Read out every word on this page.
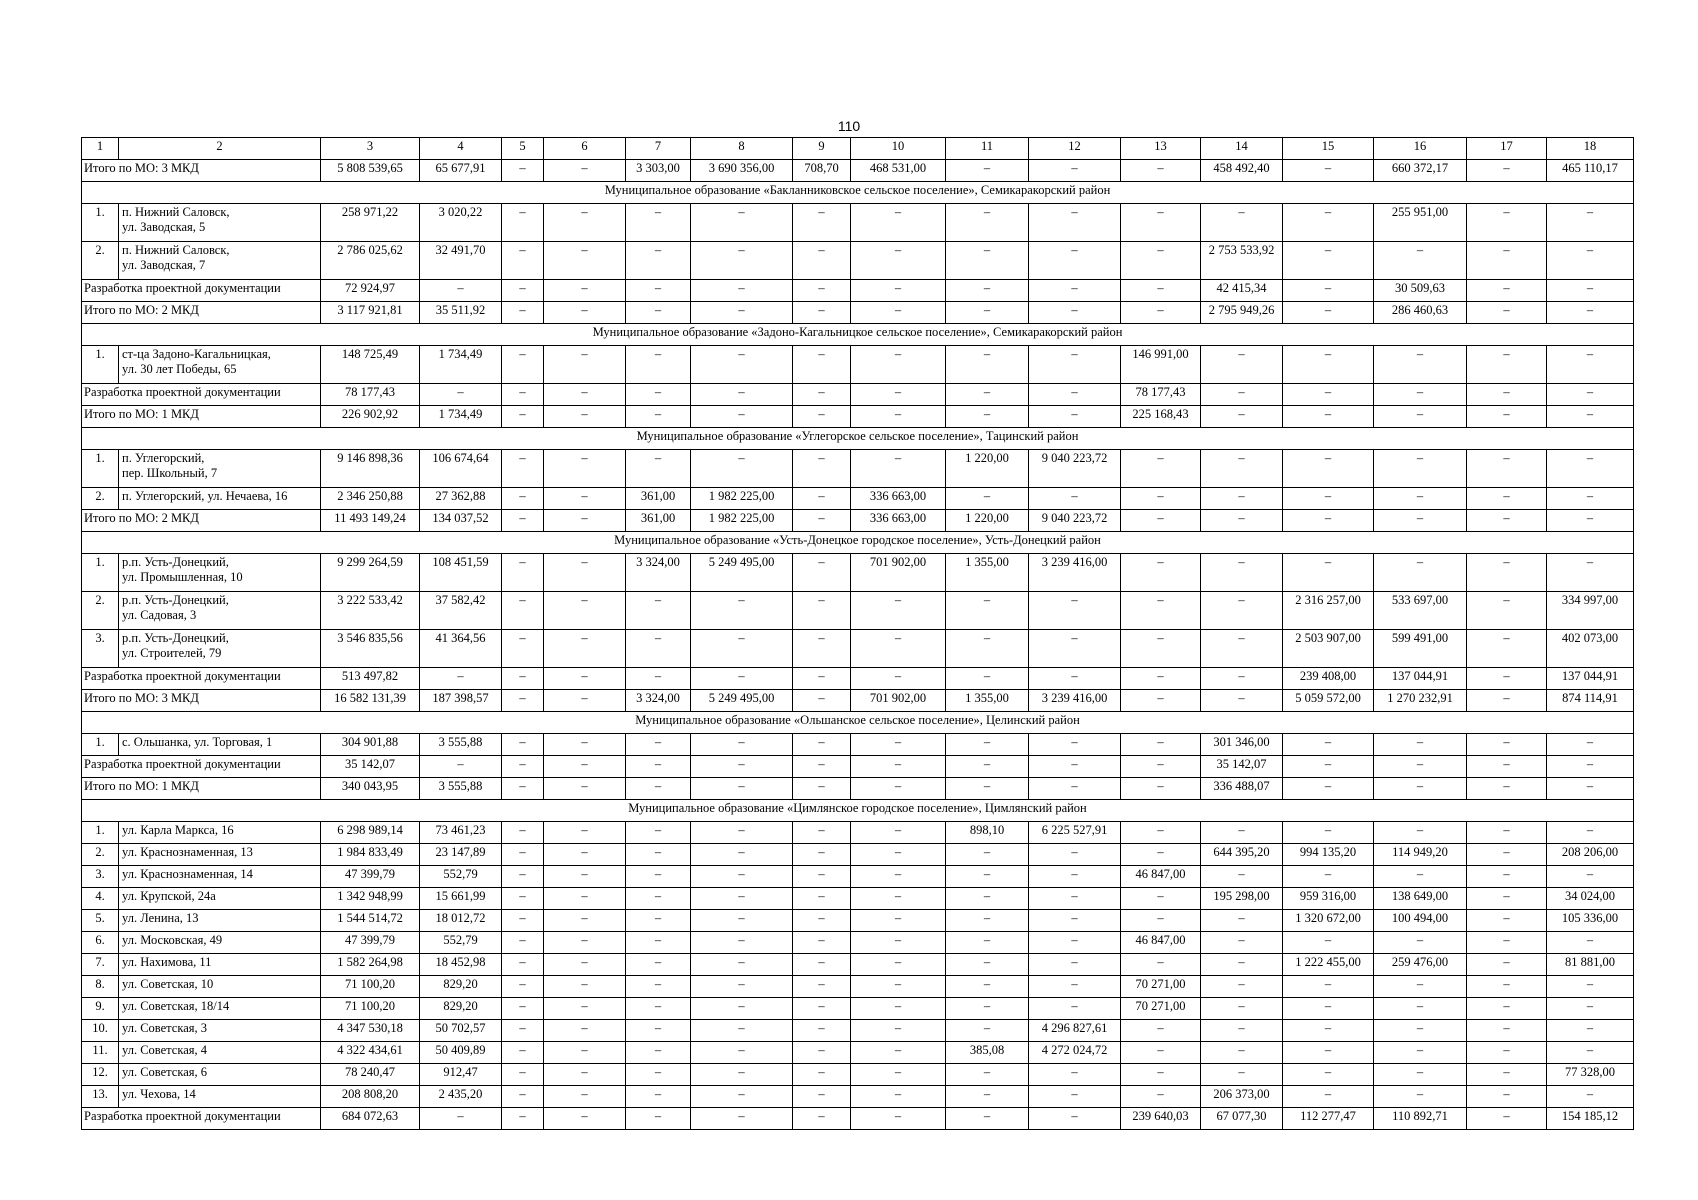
110
1	2	3	4	5	6	7	8	9	10	11	12	13	14	15	16	17	18
Итого по МО: 3 МКД		5 808 539,65	65 677,91	–	–	3 303,00	3 690 356,00	708,70	468 531,00	–	–	–	458 492,40	–	660 372,17	–	465 110,17
Муниципальное образование «Бакланниковское сельское поселение», Семикаракорский район																	
1.	п. Нижний Саловск,
ул. Заводская, 5	258 971,22	3 020,22	–	–	–	–	–	–	–	–	–	–	–	255 951,00	–	–
2.	п. Нижний Саловск,
ул. Заводская, 7	2 786 025,62	32 491,70	–	–	–	–	–	–	–	–	–	2 753 533,92	–	–	–	–
Разработка проектной документации		72 924,97	–	–	–	–	–	–	–	–	–	–	42 415,34	–	30 509,63	–	–
Итого по МО: 2 МКД		3 117 921,81	35 511,92	–	–	–	–	–	–	–	–	–	2 795 949,26	–	286 460,63	–	–
Муниципальное образование «Задоно-Кагальницкое сельское поселение», Семикаракорский район																	
1.	ст-ца Задоно-Кагальницкая,
ул. 30 лет Победы, 65	148 725,49	1 734,49	–	–	–	–	–	–	–	–	146 991,00	–	–	–	–	–
Разработка проектной документации		78 177,43	–	–	–	–	–	–	–	–	–	78 177,43	–	–	–	–	–
Итого по МО: 1 МКД		226 902,92	1 734,49	–	–	–	–	–	–	–	–	225 168,43	–	–	–	–	–
Муниципальное образование «Углегорское сельское поселение», Тацинский район																	
1.	п. Углегорский,
пер. Школьный, 7	9 146 898,36	106 674,64	–	–	–	–	–	–	1 220,00	9 040 223,72	–	–	–	–	–	–
2.	п. Углегорский, ул. Нечаева, 16	2 346 250,88	27 362,88	–	–	361,00	1 982 225,00	–	336 663,00	–	–	–	–	–	–	–	–
Итого по МО: 2 МКД		11 493 149,24	134 037,52	–	–	361,00	1 982 225,00	–	336 663,00	1 220,00	9 040 223,72	–	–	–	–	–	–
Муниципальное образование «Усть-Донецкое городское поселение», Усть-Донецкий район																	
1.	р.п. Усть-Донецкий,
ул. Промышленная, 10	9 299 264,59	108 451,59	–	–	3 324,00	5 249 495,00	–	701 902,00	1 355,00	3 239 416,00	–	–	–	–	–	–
2.	р.п. Усть-Донецкий,
ул. Садовая, 3	3 222 533,42	37 582,42	–	–	–	–	–	–	–	–	–	–	2 316 257,00	533 697,00	–	334 997,00
3.	р.п. Усть-Донецкий,
ул. Строителей, 79	3 546 835,56	41 364,56	–	–	–	–	–	–	–	–	–	–	2 503 907,00	599 491,00	–	402 073,00
Разработка проектной документации		513 497,82	–	–	–	–	–	–	–	–	–	–	–	239 408,00	137 044,91	–	137 044,91
Итого по МО: 3 МКД		16 582 131,39	187 398,57	–	–	3 324,00	5 249 495,00	–	701 902,00	1 355,00	3 239 416,00	–	–	5 059 572,00	1 270 232,91	–	874 114,91
Муниципальное образование «Ольшанское сельское поселение», Целинский район																	
1.	с. Ольшанка, ул. Торговая, 1	304 901,88	3 555,88	–	–	–	–	–	–	–	–	–	301 346,00	–	–	–	–
Разработка проектной документации		35 142,07	–	–	–	–	–	–	–	–	–	–	35 142,07	–	–	–	–
Итого по МО: 1 МКД		340 043,95	3 555,88	–	–	–	–	–	–	–	–	–	336 488,07	–	–	–	–
Муниципальное образование «Цимлянское городское поселение», Цимлянский район																	
1.	ул. Карла Маркса, 16	6 298 989,14	73 461,23	–	–	–	–	–	–	898,10	6 225 527,91	–	–	–	–	–	–
2.	ул. Краснознаменная, 13	1 984 833,49	23 147,89	–	–	–	–	–	–	–	–	–	644 395,20	994 135,20	114 949,20	–	208 206,00
3.	ул. Краснознаменная, 14	47 399,79	552,79	–	–	–	–	–	–	–	–	46 847,00	–	–	–	–	–
4.	ул. Крупской, 24а	1 342 948,99	15 661,99	–	–	–	–	–	–	–	–	–	195 298,00	959 316,00	138 649,00	–	34 024,00
5.	ул. Ленина, 13	1 544 514,72	18 012,72	–	–	–	–	–	–	–	–	–	–	1 320 672,00	100 494,00	–	105 336,00
6.	ул. Московская, 49	47 399,79	552,79	–	–	–	–	–	–	–	–	46 847,00	–	–	–	–	–
7.	ул. Нахимова, 11	1 582 264,98	18 452,98	–	–	–	–	–	–	–	–	–	–	1 222 455,00	259 476,00	–	81 881,00
8.	ул. Советская, 10	71 100,20	829,20	–	–	–	–	–	–	–	–	70 271,00	–	–	–	–	–
9.	ул. Советская, 18/14	71 100,20	829,20	–	–	–	–	–	–	–	–	70 271,00	–	–	–	–	–
10.	ул. Советская, 3	4 347 530,18	50 702,57	–	–	–	–	–	–	–	4 296 827,61	–	–	–	–	–	–
11.	ул. Советская, 4	4 322 434,61	50 409,89	–	–	–	–	–	–	385,08	4 272 024,72	–	–	–	–	–	–
12.	ул. Советская, 6	78 240,47	912,47	–	–	–	–	–	–	–	–	–	–	–	–	–	77 328,00
13.	ул. Чехова, 14	208 808,20	2 435,20	–	–	–	–	–	–	–	–	–	206 373,00	–	–	–	–
Разработка проектной документации		684 072,63	–	–	–	–	–	–	–	–	–	239 640,03	67 077,30	112 277,47	110 892,71	–	154 185,12
